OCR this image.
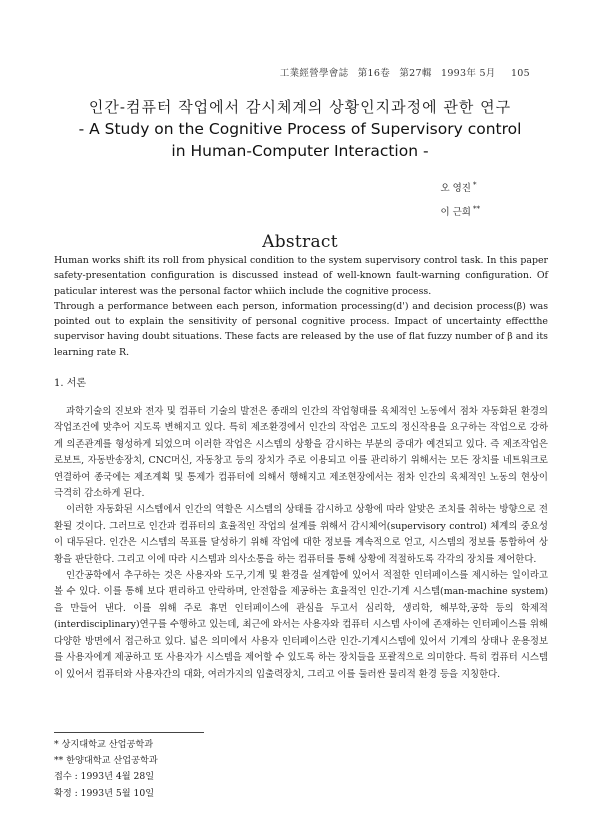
工業經營學會誌 第16卷 第27輯 1993年 5月 105
인간-컴퓨터 작업에서 감시체계의 상황인지과정에 관한 연구
- A Study on the Cognitive Process of Supervisory control
in Human-Computer Interaction -
오 영진 *
이 근희 **
Abstract

Human works shift its roll from physical condition to the system supervisory control task. In this paper safety-presentation configuration is discussed instead of well-known fault-warning configuration. Of paticular interest was the personal factor whiich include the cognitive process.

Through a performance between each person, information processing(d') and decision process(β) was pointed out to explain the sensitivity of personal cognitive process. Impact of uncertainty effectthe supervisor having doubt situations. These facts are released by the use of flat fuzzy number of β and its learning rate R.

1. 서론

과학기술의 진보와 전자 및 컴퓨터 기술의 발전은 종래의 인간의 작업형태를 육체적인 노동에서 점차 자동화된 환경의 작업조건에 맞추어 지도록 변해지고 있다. 특히 제조환경에서 인간의 작업은 고도의 정신작용을 요구하는 작업으로 강하게 의존관계를 형성하게 되었으며 이러한 작업은 시스템의 상황을 감시하는 부분의 증대가 예견되고 있다. 즉 제조작업은 로보트, 자동반송장치, CNC머신, 자동창고 등의 장치가 주로 이용되고 이를 관리하기 위해서는 모든 장치를 네트워크로 연결하여 종국에는 제조계획 및 통제가 컴퓨터에 의해서 행해지고 제조현장에서는 점차 인간의 육체적인 노동의 현상이 극격히 감소하게 된다.

이러한 자동화된 시스템에서 인간의 역할은 시스템의 상태를 감시하고 상황에 따라 알맞은 조치를 취하는 방향으로 전환될 것이다. 그러므로 인간과 컴퓨터의 효율적인 작업의 설계를 위해서 감시체어(supervisory control) 체계의 중요성이 대두된다. 인간은 시스템의 목표를 달성하기 위해 작업에 대한 정보를 계속적으로 얻고, 시스템의 정보를 통합하여 상황을 판단한다. 그리고 이에 따라 시스템과 의사소통을 하는 컴퓨터를 통해 상황에 적절하도록 각각의 장치를 제어한다.

인간공학에서 추구하는 것은 사용자와 도구,기계 및 환경을 설계함에 있어서 적절한 인터페이스를 제시하는 일이라고 볼 수 있다. 이를 통해 보다 편리하고 안락하며, 안전함을 제공하는 효율적인 인간-기계 시스템(man-machine system)을 만들어 낸다. 이를 위해 주로 휴먼 인터페이스에 관심을 두고서 심리학, 생리학, 해부학,공학 등의 학제적(interdisciplinary)연구를 수행하고 있는데, 최근에 와서는 사용자와 컴퓨터 시스템 사이에 존재하는 인터페이스를 위해 다양한 방면에서 접근하고 있다. 넓은 의미에서 사용자 인터페이스란 인간-기계시스템에 있어서 기계의 상태나 운용정보를 사용자에게 제공하고 또 사용자가 시스템을 제어할 수 있도록 하는 장치들을 포괄적으로 의미한다. 특히 컴퓨터 시스템이 있어서 컴퓨터와 사용자간의 대화, 여러가지의 입출력장치, 그리고 이를 둘러싼 물리적 환경 등을 지칭한다.

* 상지대학교 산업공학과
** 한양대학교 산업공학과
접수 : 1993년 4월 28일
확정 : 1993년 5월 10일
